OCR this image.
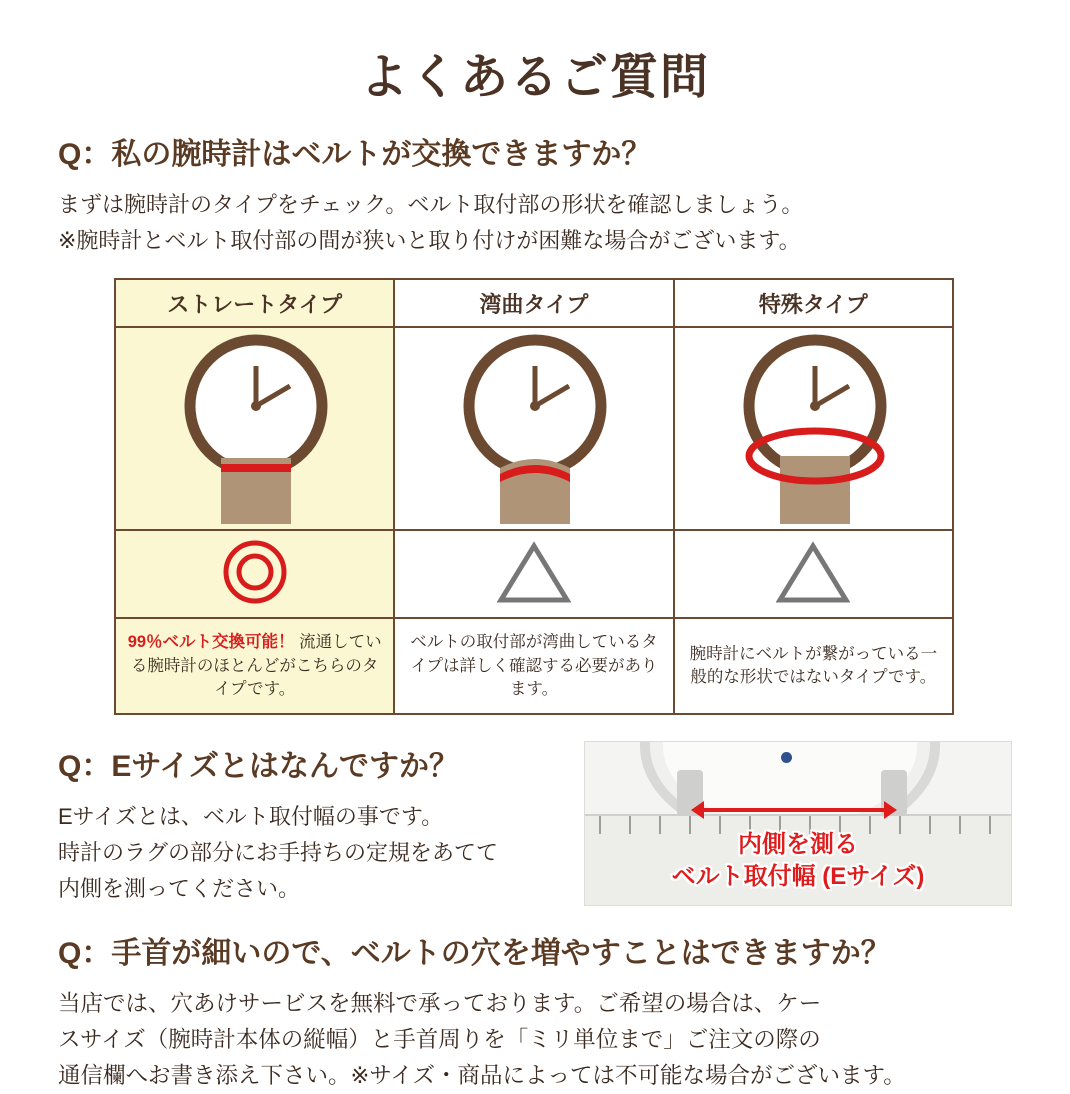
よくあるご質問
Q：私の腕時計はベルトが交換できますか？
まずは腕時計のタイプをチェック。ベルト取付部の形状を確認しましょう。
※腕時計とベルト取付部の間が狭いと取り付けが困難な場合がございます。
ストレートタイプ	湾曲タイプ	特殊タイプ

99％ベルト交換可能！ 流通している腕時計のほとんどがこちらのタイプです。	ベルトの取付部が湾曲しているタイプは詳しく確認する必要があります。	腕時計にベルトが繋がっている一般的な形状ではないタイプです。
Q：Eサイズとはなんですか？
Eサイズとは、ベルト取付幅の事です。
時計のラグの部分にお手持ちの定規をあてて
内側を測ってください。
内側を測る
ベルト取付幅 (Eサイズ)
Q：手首が細いので、ベルトの穴を増やすことはできますか？
当店では、穴あけサービスを無料で承っております。ご希望の場合は、ケー
スサイズ（腕時計本体の縦幅）と手首周りを「ミリ単位まで」ご注文の際の
通信欄へお書き添え下さい。※サイズ・商品によっては不可能な場合がございます。
